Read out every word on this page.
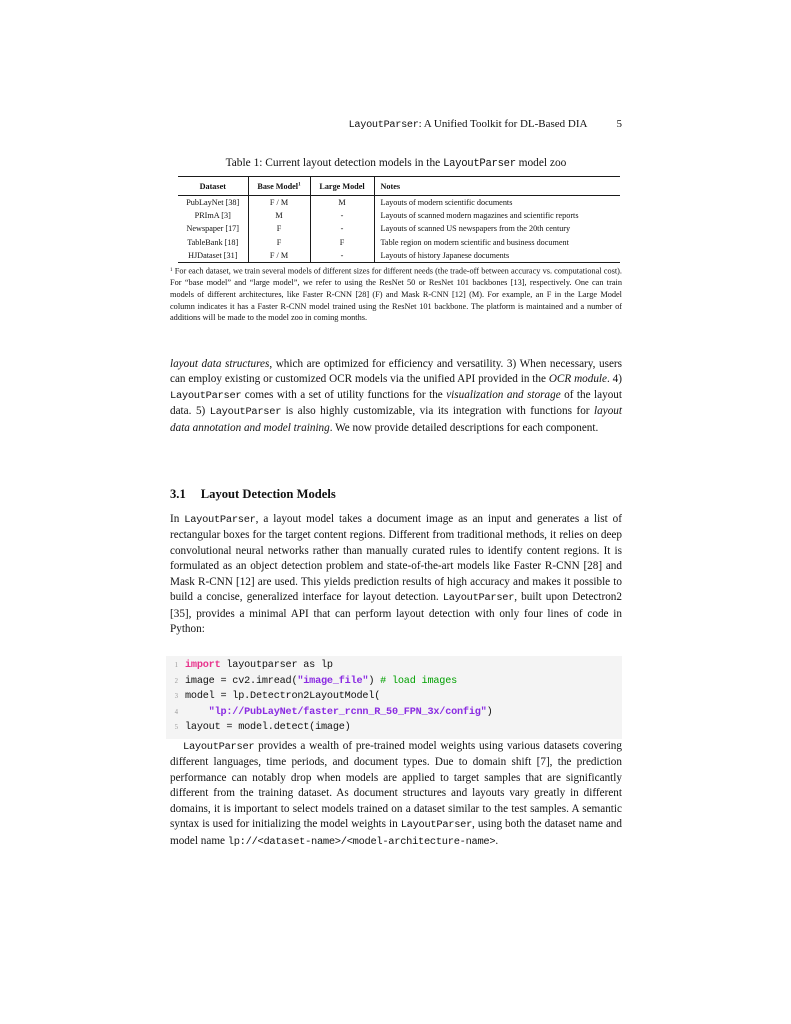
LayoutParser: A Unified Toolkit for DL-Based DIA	5
Table 1: Current layout detection models in the LayoutParser model zoo
Dataset	Base Model$^1$	Large Model	Notes
PubLayNet [38]	F / M	M	Layouts of modern scientific documents
PRImA [3]	M	-	Layouts of scanned modern magazines and scientific reports
Newspaper [17]	F	-	Layouts of scanned US newspapers from the 20th century
TableBank [18]	F	F	Table region on modern scientific and business document
HJDataset [31]	F / M	-	Layouts of history Japanese documents
$^1$ For each dataset, we train several models of different sizes for different needs (the trade-off between accuracy vs. computational cost). For “base model” and “large model”, we refer to using the ResNet 50 or ResNet 101 backbones [13], respectively. One can train models of different architectures, like Faster R-CNN [28] (F) and Mask R-CNN [12] (M). For example, an F in the Large Model column indicates it has a Faster R-CNN model trained using the ResNet 101 backbone. The platform is maintained and a number of additions will be made to the model zoo in coming months.
layout data structures, which are optimized for efficiency and versatility. 3) When necessary, users can employ existing or customized OCR models via the unified API provided in the OCR module. 4) LayoutParser comes with a set of utility functions for the visualization and storage of the layout data. 5) LayoutParser is also highly customizable, via its integration with functions for layout data annotation and model training. We now provide detailed descriptions for each component.
3.1 Layout Detection Models
In LayoutParser, a layout model takes a document image as an input and generates a list of rectangular boxes for the target content regions. Different from traditional methods, it relies on deep convolutional neural networks rather than manually curated rules to identify content regions. It is formulated as an object detection problem and state-of-the-art models like Faster R-CNN [28] and Mask R-CNN [12] are used. This yields prediction results of high accuracy and makes it possible to build a concise, generalized interface for layout detection. LayoutParser, built upon Detectron2 [35], provides a minimal API that can perform layout detection with only four lines of code in Python:
1 import layoutparser as lp
2 image = cv2.imread("image_file") # load images
3 model = lp.Detectron2LayoutModel(
4	"lp://PubLayNet/faster_rcnn_R_50_FPN_3x/config")
5 layout = model.detect(image)
LayoutParser provides a wealth of pre-trained model weights using various datasets covering different languages, time periods, and document types. Due to domain shift [7], the prediction performance can notably drop when models are applied to target samples that are significantly different from the training dataset. As document structures and layouts vary greatly in different domains, it is important to select models trained on a dataset similar to the test samples. A semantic syntax is used for initializing the model weights in LayoutParser, using both the dataset name and model name lp://<dataset-name>/<model-architecture-name>.
